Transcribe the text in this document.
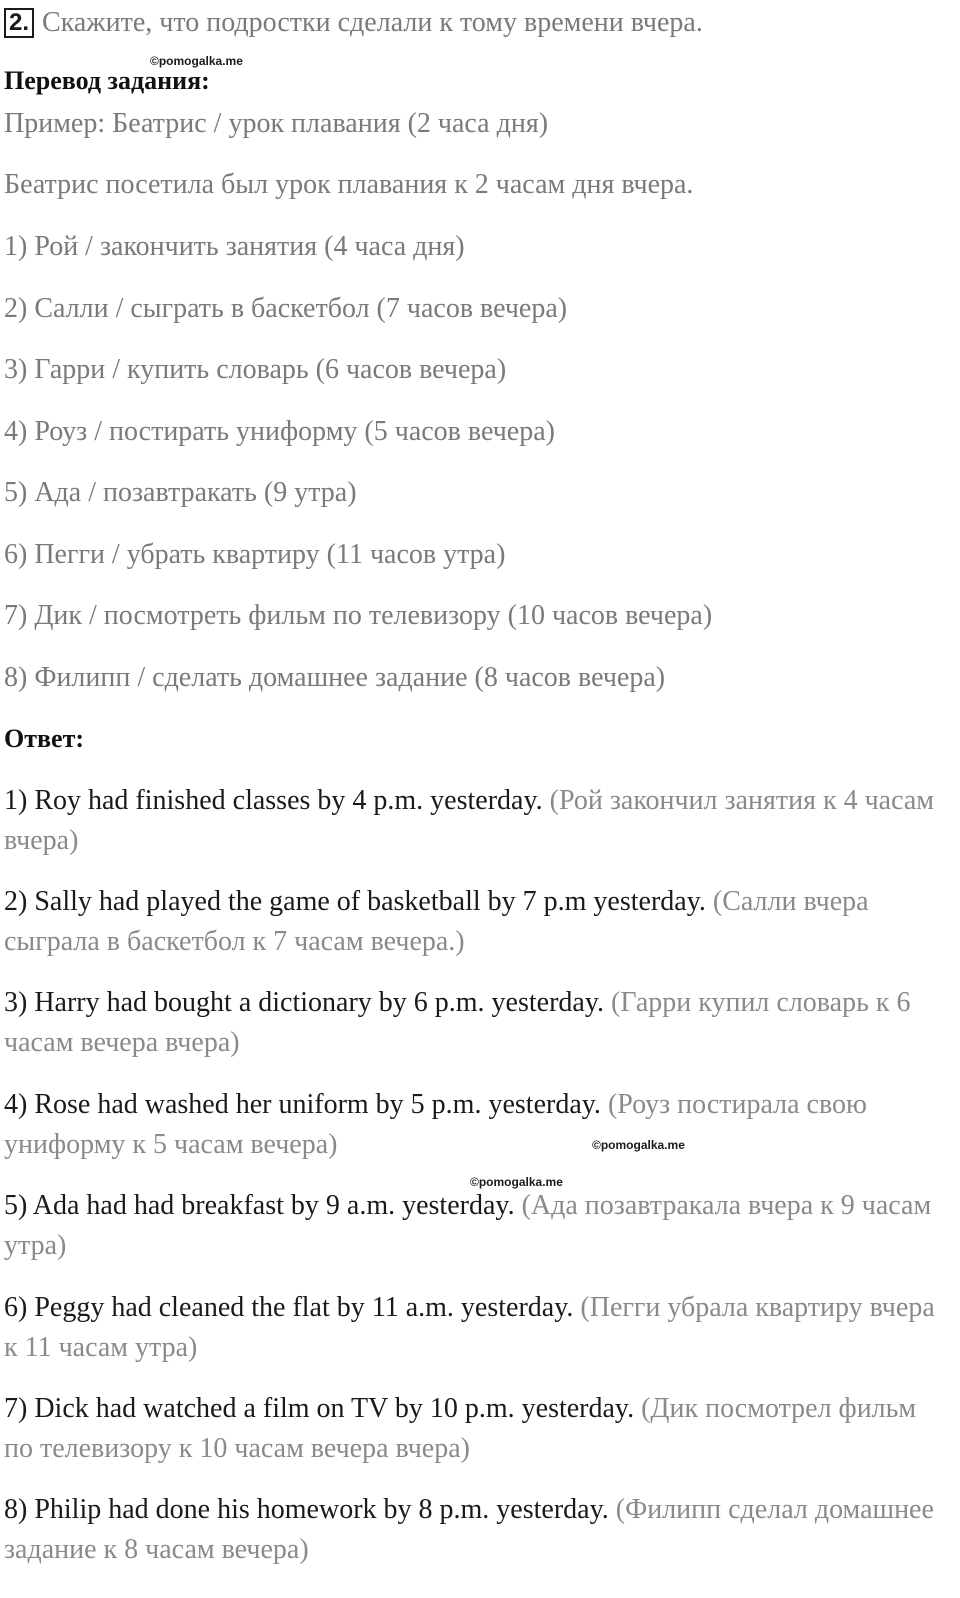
2. Скажите, что подростки сделали к тому времени вчера.
©pomogalka.me
Перевод задания:
Пример: Беатрис / урок плавания (2 часа дня)
Беатрис посетила был урок плавания к 2 часам дня вчера.
1) Рой / закончить занятия (4 часа дня)
2) Салли / сыграть в баскетбол (7 часов вечера)
3) Гарри / купить словарь (6 часов вечера)
4) Роуз / постирать униформу (5 часов вечера)
5) Ада / позавтракать (9 утра)
6) Пегги / убрать квартиру (11 часов утра)
7) Дик / посмотреть фильм по телевизору (10 часов вечера)
8) Филипп / сделать домашнее задание (8 часов вечера)
Ответ:
1) Roy had finished classes by 4 p.m. yesterday. (Рой закончил занятия к 4 часам вчера)
2) Sally had played the game of basketball by 7 p.m yesterday. (Салли вчера сыграла в баскетбол к 7 часам вечера.)
3) Harry had bought a dictionary by 6 p.m. yesterday. (Гарри купил словарь к 6 часам вечера вчера)
4) Rose had washed her uniform by 5 p.m. yesterday. (Роуз постирала свою униформу к 5 часам вечера)	©pomogalka.me
©pomogalka.me
5) Ada had had breakfast by 9 a.m. yesterday. (Ада позавтракала вчера к 9 часам утра)
6) Peggy had cleaned the flat by 11 a.m. yesterday. (Пегги убрала квартиру вчера к 11 часам утра)
7) Dick had watched a film on TV by 10 p.m. yesterday. (Дик посмотрел фильм по телевизору к 10 часам вечера вчера)
8) Philip had done his homework by 8 p.m. yesterday. (Филипп сделал домашнее задание к 8 часам вечера)
